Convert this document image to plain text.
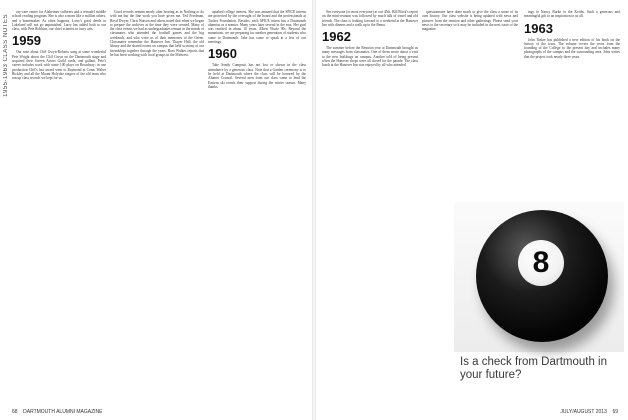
1955-1963 CLASS NOTES

ory-care center for Alzheimer sufferers and a remodel middle school reading program. She is also a mom like a million others, and a homemaker. As often happens, Larry's good deeds in Lakeland will not go unpunished. Larry has added both to our class, with Pete Robbins, our chief scientist in furry arts.

1959

Our note about Cliff Gwyn-Roberts song at some wonderful Pete Wright about the Cliff Gwyn on the Dartmouth stage and acquired their Screen Actors Guild cards, and gallant, Pete's career includes work with some 100 plays on Broadway; in one production Cliff's last award went to Raymond at Conn. Walter Bickley and all the Mount Holyoke singers of the old team who ran up class records we kept for us.

Good records remain nearly after hearing as in Nothing to do with me but the fine work you have given me. Ted Friedman, Boyd Dwyer, Chris Watson and others noted that when we began to prepare the archives at the time they were created. Many of the class events we had as undergraduates remain in the minds of classmates who attended the football games and the big weekends, and who write us of their memories of the Green. Classmates remember the Hanover Inn, Thayer Hall, the old library and the shared rooms on campus that held so many of our friendships together through the years. Ross Walker reports that he has been working with local groups in the Midwest.

uptaked college interest. She was amazed that the SPICE interns are protected by the oversight of the board and the professionals at Tucker Foundation. Besides, each SPICE intern has a Dartmouth alumnus as a mentor. Many years later several in the mix. Her goal was reached in about 10 years. Albert Wurtz 90s. Beyond the mountains, we are preparing for another generation of students who come to Dartmouth. Jake has come to speak at a few of our meetings.

1960

Take Sandy Campsuit has not lost or shown in the class attendance by a generous class. Note that a Garden ceremony is to be held at Dartmouth where the class will be honored by the Alumni Council. Several men from our class came to lend the Eastern ski events their support during the winter season. Many thanks.

68 DARTMOUTH ALUMNI MAGAZINE

See everyone (or most everyone) at our 45th. Bill Birck's report on the mini-reunion was followed by much talk of travel and old friends. The class is looking forward to a weekend at the Hanover Inn with dinners and a walk up to the Bema.

1962

The summer before the Reunion year at Dartmouth brought us many messages from classmates. One of them wrote about a visit to the new buildings on campus. Another told of being present when the Hanover shops were all closed for the parade. The class lunch at the Hanover Inn was enjoyed by all who attended.

questionnaire have done much to give the class a sense of its own history. Our class website is being updated with news and pictures from the reunion and other gatherings. Please send your news to the secretary so it may be included in the next issue of the magazine.

ings to Nancy Burke to the Keiths. Such a generous and meaningful gift to an inspiration to us all.

1963

John Tinker has published a new edition of his book on the history of the town. The volume covers the years from the founding of the College to the present day and includes many photographs of the campus and the surrounding area. John writes that the project took nearly three years.

JULY/AUGUST 2013 69
8
Is a check from Dartmouth in your future?
